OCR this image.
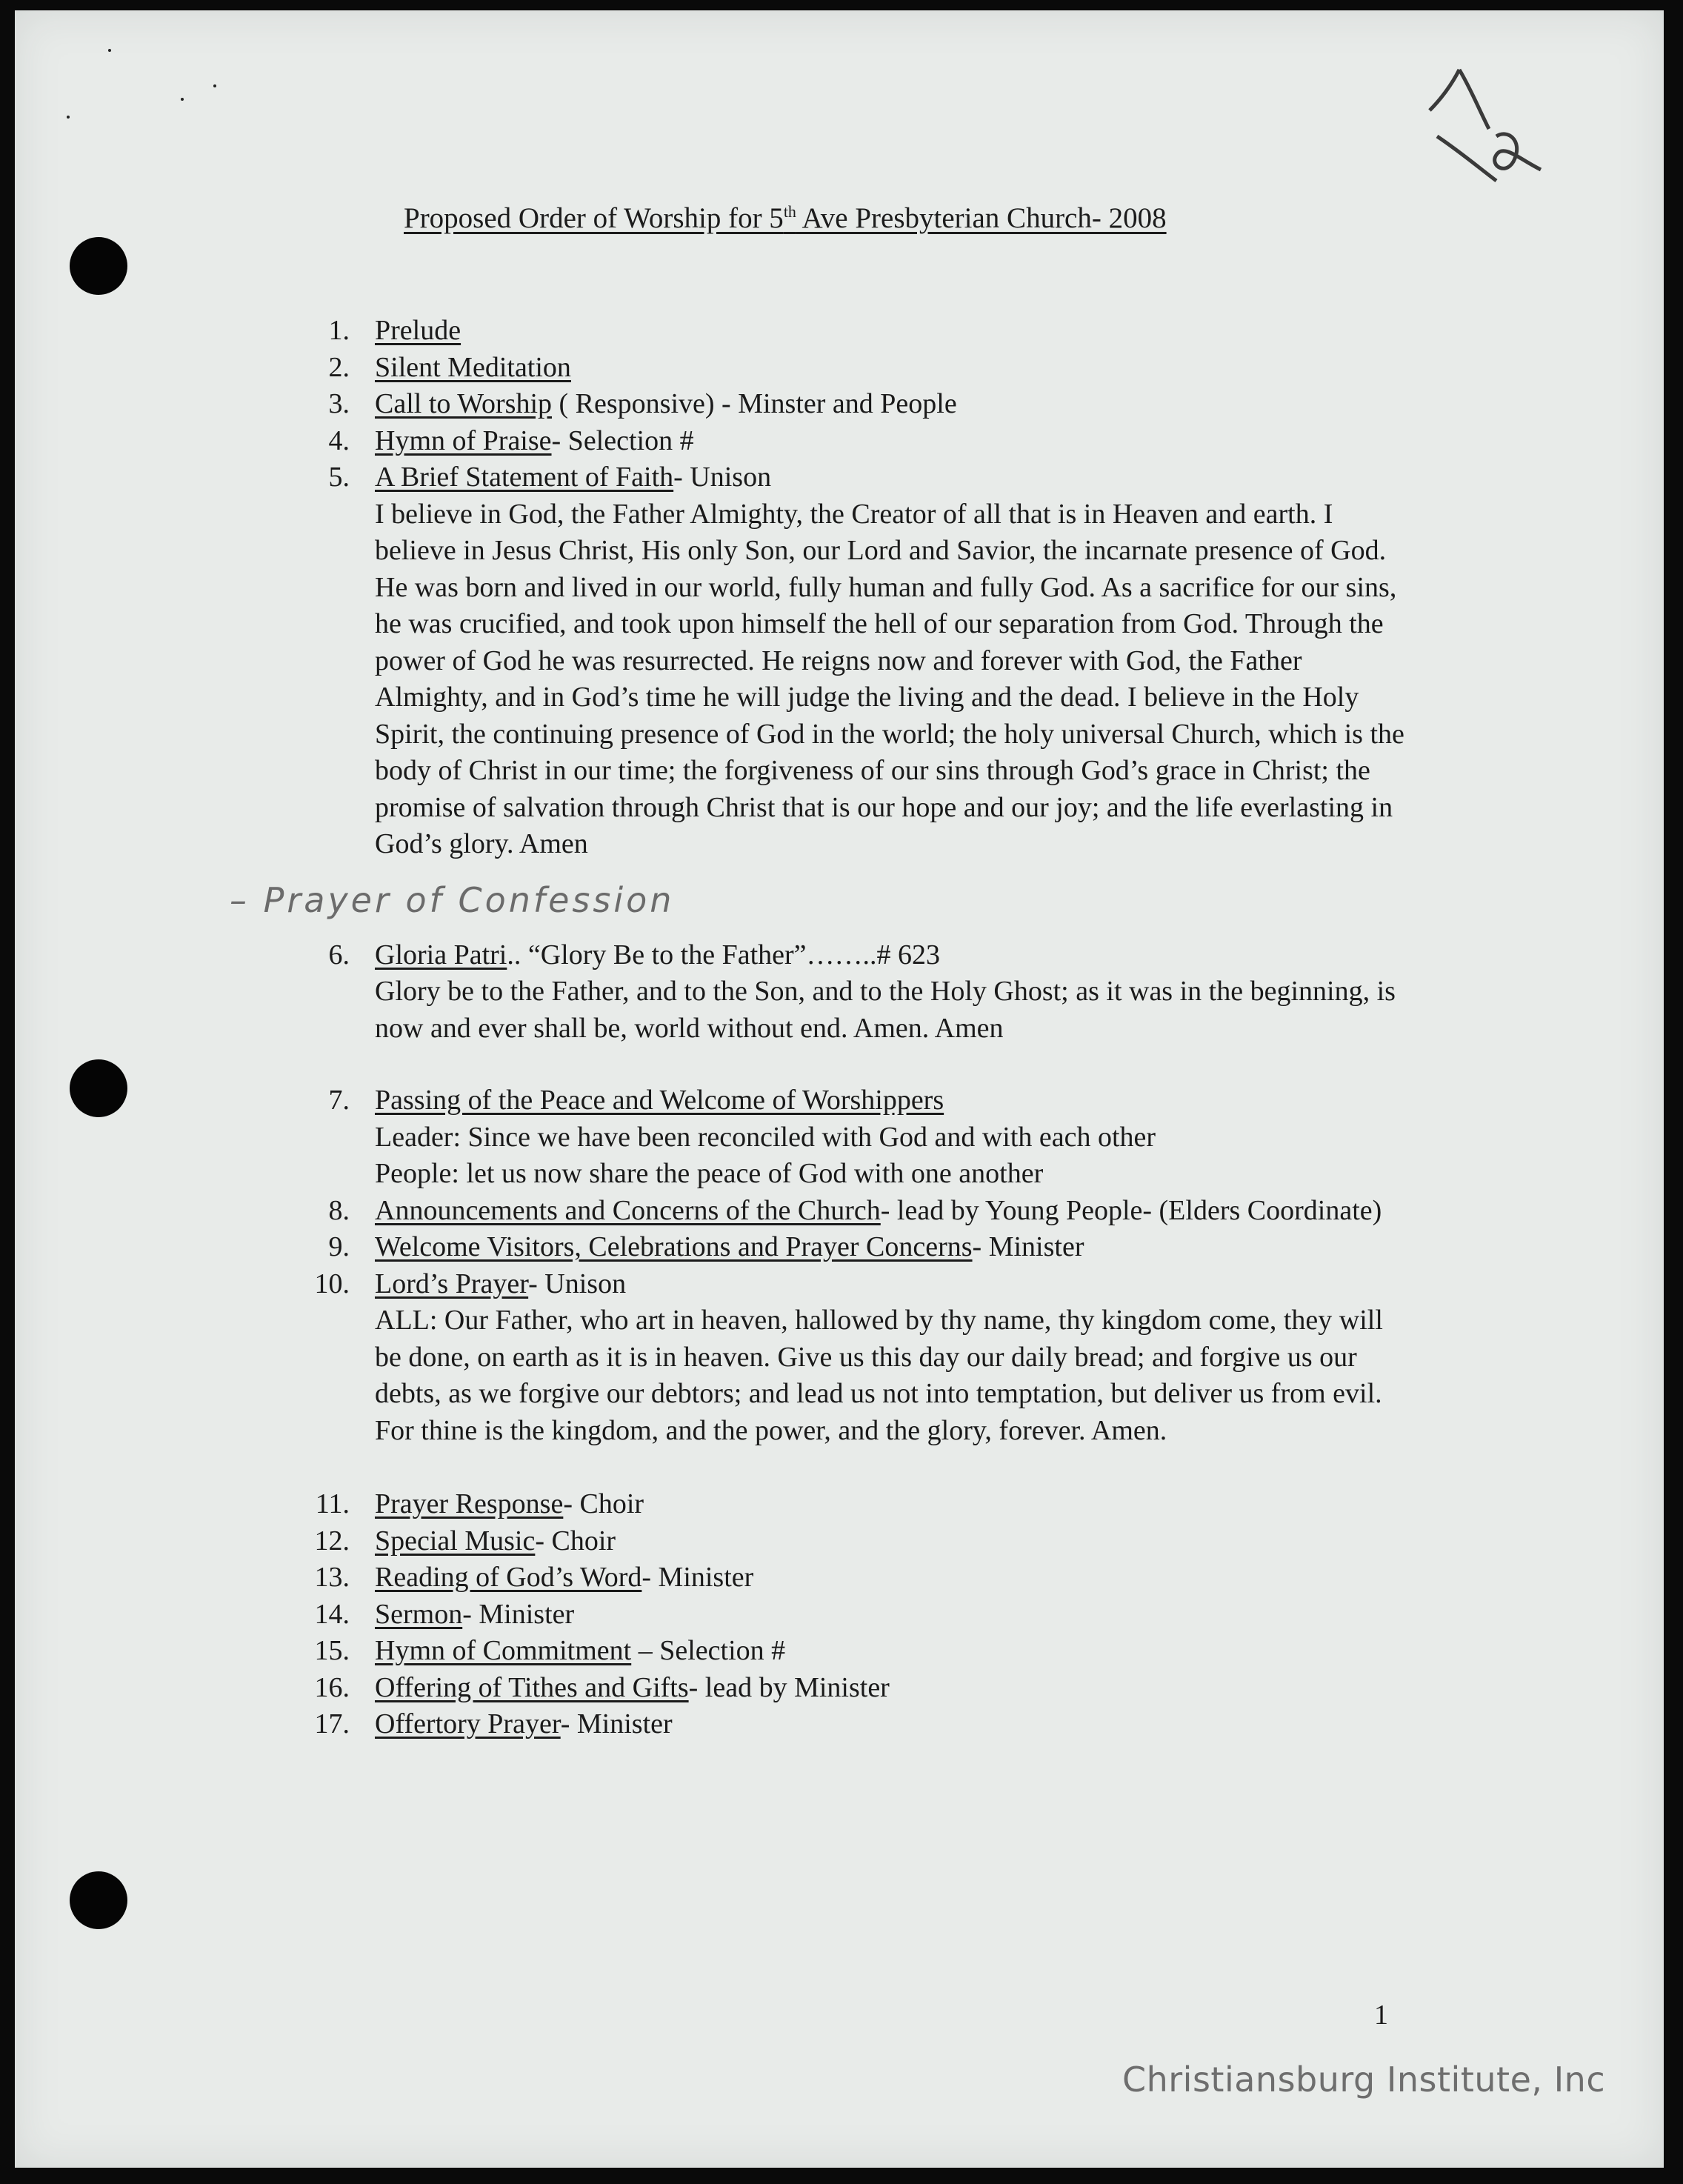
16
Proposed Order of Worship for 5th Ave Presbyterian Church- 2008
1. Prelude
2. Silent Meditation
3. Call to Worship ( Responsive) - Minster and People
4. Hymn of Praise- Selection #
5. A Brief Statement of Faith- Unison

I believe in God, the Father Almighty, the Creator of all that is in Heaven and earth. I believe in Jesus Christ, His only Son, our Lord and Savior, the incarnate presence of God. He was born and lived in our world, fully human and fully God. As a sacrifice for our sins, he was crucified, and took upon himself the hell of our separation from God. Through the power of God he was resurrected. He reigns now and forever with God, the Father Almighty, and in God’s time he will judge the living and the dead. I believe in the Holy Spirit, the continuing presence of God in the world; the holy universal Church, which is the body of Christ in our time; the forgiveness of our sins through God’s grace in Christ; the promise of salvation through Christ that is our hope and our joy; and the life everlasting in God’s glory. Amen

– Prayer of Confession
6. Gloria Patri.. “Glory Be to the Father”……..# 623

Glory be to the Father, and to the Son, and to the Holy Ghost; as it was in the beginning, is now and ever shall be, world without end. Amen. Amen

7. Passing of the Peace and Welcome of Worshippers
Leader: Since we have been reconciled with God and with each other
People: let us now share the peace of God with one another
8. Announcements and Concerns of the Church- lead by Young People- (Elders Coordinate)
9. Welcome Visitors, Celebrations and Prayer Concerns- Minister
10. Lord’s Prayer- Unison

ALL: Our Father, who art in heaven, hallowed by thy name, thy kingdom come, they will be done, on earth as it is in heaven. Give us this day our daily bread; and forgive us our debts, as we forgive our debtors; and lead us not into temptation, but deliver us from evil. For thine is the kingdom, and the power, and the glory, forever. Amen.

11. Prayer Response- Choir
12. Special Music- Choir
13. Reading of God’s Word- Minister
14. Sermon- Minister
15. Hymn of Commitment – Selection #
16. Offering of Tithes and Gifts- lead by Minister
17. Offertory Prayer- Minister
1
Christiansburg Institute, Inc
